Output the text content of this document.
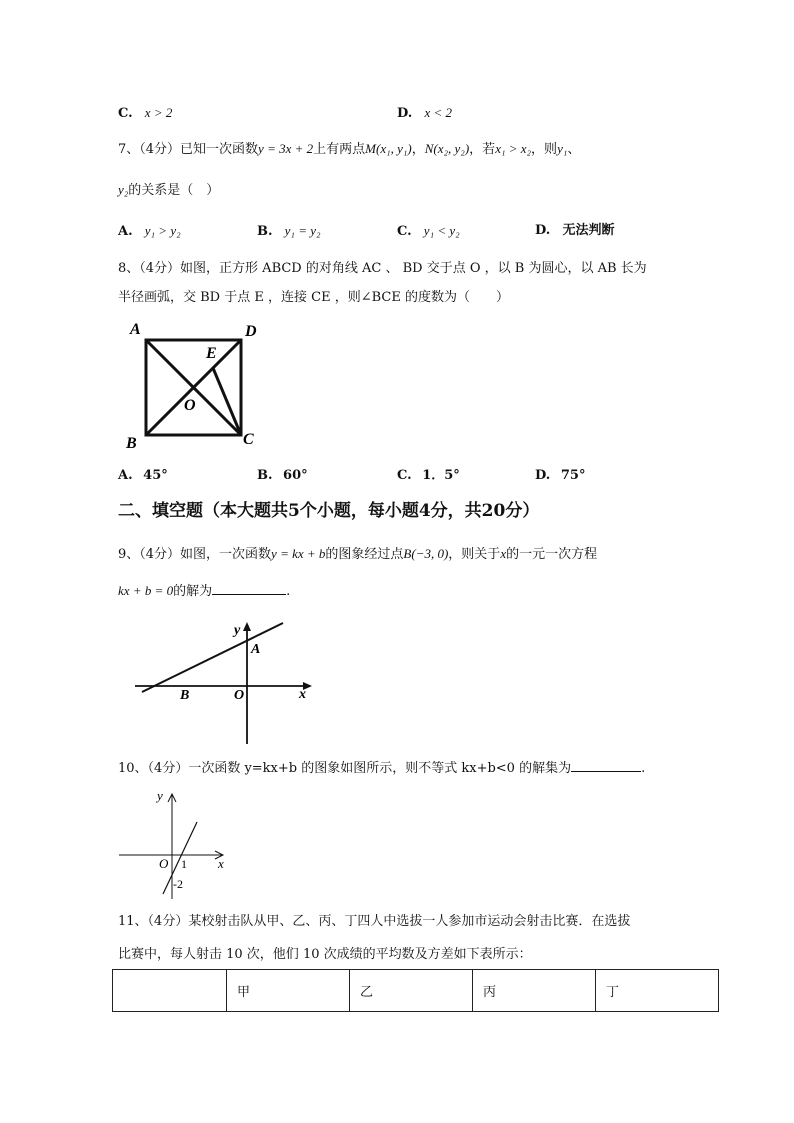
C. x > 2	D. x < 2
7、（4分）已知一次函数y = 3x + 2上有两点M(x₁, y₁)，N(x₂, y₂)，若x₁ > x₂，则y₁、
y₂的关系是（　）
A. y₁ > y₂	B. y₁ = y₂	C. y₁ < y₂	D. 无法判断
8、（4分）如图，正方形 ABCD 的对角线 AC 、 BD 交于点 O ，以 B 为圆心，以 AB 长为
半径画弧，交 BD 于点 E ，连接 CE ，则∠BCE 的度数为（　　）
A	D
E
O
B	C
A. 45°	B. 60°	C. 1．5°	D. 75°
二、填空题（本大题共5个小题，每小题4分，共20分）
9、（4分）如图，一次函数y = kx + b的图象经过点B(−3, 0)，则关于x的一元一次方程
kx + b = 0的解为	.
y
A
B	O	x
10、（4分）一次函数 y=kx+b 的图象如图所示，则不等式 kx+b<0 的解集为	.
y
O 1 x
-2
11、（4分）某校射击队从甲、乙、丙、丁四人中选拔一人参加市运动会射击比赛．在选拔
比赛中，每人射击 10 次，他们 10 次成绩的平均数及方差如下表所示：
	甲	乙	丙	丁
